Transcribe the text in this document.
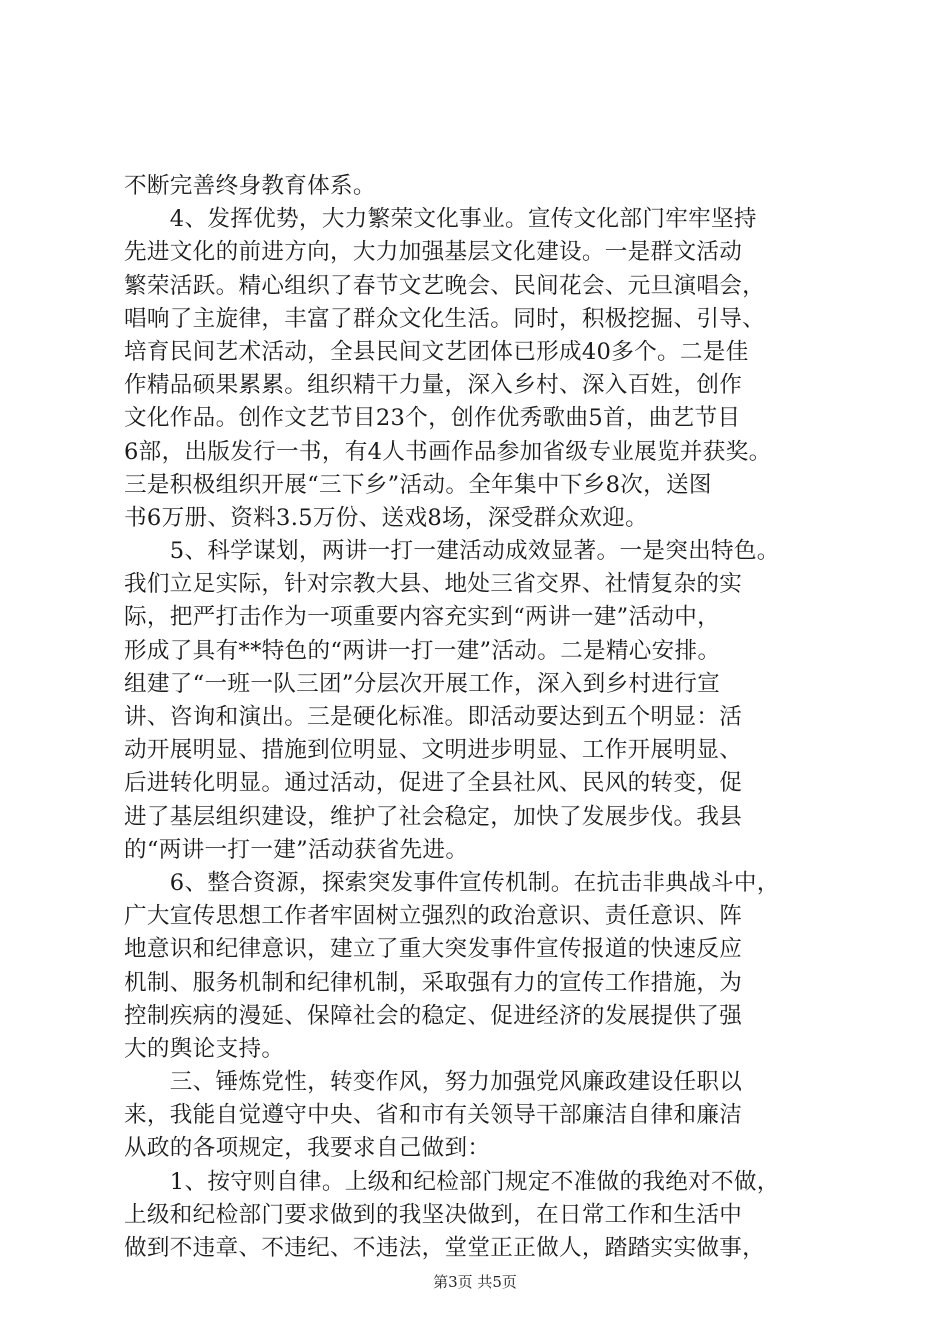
不断完善终身教育体系。
　　4、发挥优势，大力繁荣文化事业。宣传文化部门牢牢坚持
先进文化的前进方向，大力加强基层文化建设。一是群文活动
繁荣活跃。精心组织了春节文艺晚会、民间花会、元旦演唱会，
唱响了主旋律，丰富了群众文化生活。同时，积极挖掘、引导、
培育民间艺术活动，全县民间文艺团体已形成40多个。二是佳
作精品硕果累累。组织精干力量，深入乡村、深入百姓，创作
文化作品。创作文艺节目23个，创作优秀歌曲5首，曲艺节目
6部，出版发行一书，有4人书画作品参加省级专业展览并获奖。
三是积极组织开展“三下乡”活动。全年集中下乡8次，送图
书6万册、资料3.5万份、送戏8场，深受群众欢迎。
　　5、科学谋划，两讲一打一建活动成效显著。一是突出特色。
我们立足实际，针对宗教大县、地处三省交界、社情复杂的实
际，把严打击作为一项重要内容充实到“两讲一建”活动中，
形成了具有**特色的“两讲一打一建”活动。二是精心安排。
组建了“一班一队三团”分层次开展工作，深入到乡村进行宣
讲、咨询和演出。三是硬化标准。即活动要达到五个明显：活
动开展明显、措施到位明显、文明进步明显、工作开展明显、
后进转化明显。通过活动，促进了全县社风、民风的转变，促
进了基层组织建设，维护了社会稳定，加快了发展步伐。我县
的“两讲一打一建”活动获省先进。
　　6、整合资源，探索突发事件宣传机制。在抗击非典战斗中，
广大宣传思想工作者牢固树立强烈的政治意识、责任意识、阵
地意识和纪律意识，建立了重大突发事件宣传报道的快速反应
机制、服务机制和纪律机制，采取强有力的宣传工作措施，为
控制疾病的漫延、保障社会的稳定、促进经济的发展提供了强
大的舆论支持。
　　三、锤炼党性，转变作风，努力加强党风廉政建设任职以
来，我能自觉遵守中央、省和市有关领导干部廉洁自律和廉洁
从政的各项规定，我要求自己做到：
　　1、按守则自律。上级和纪检部门规定不准做的我绝对不做，
上级和纪检部门要求做到的我坚决做到，在日常工作和生活中
做到不违章、不违纪、不违法，堂堂正正做人，踏踏实实做事，
第3页 共5页
